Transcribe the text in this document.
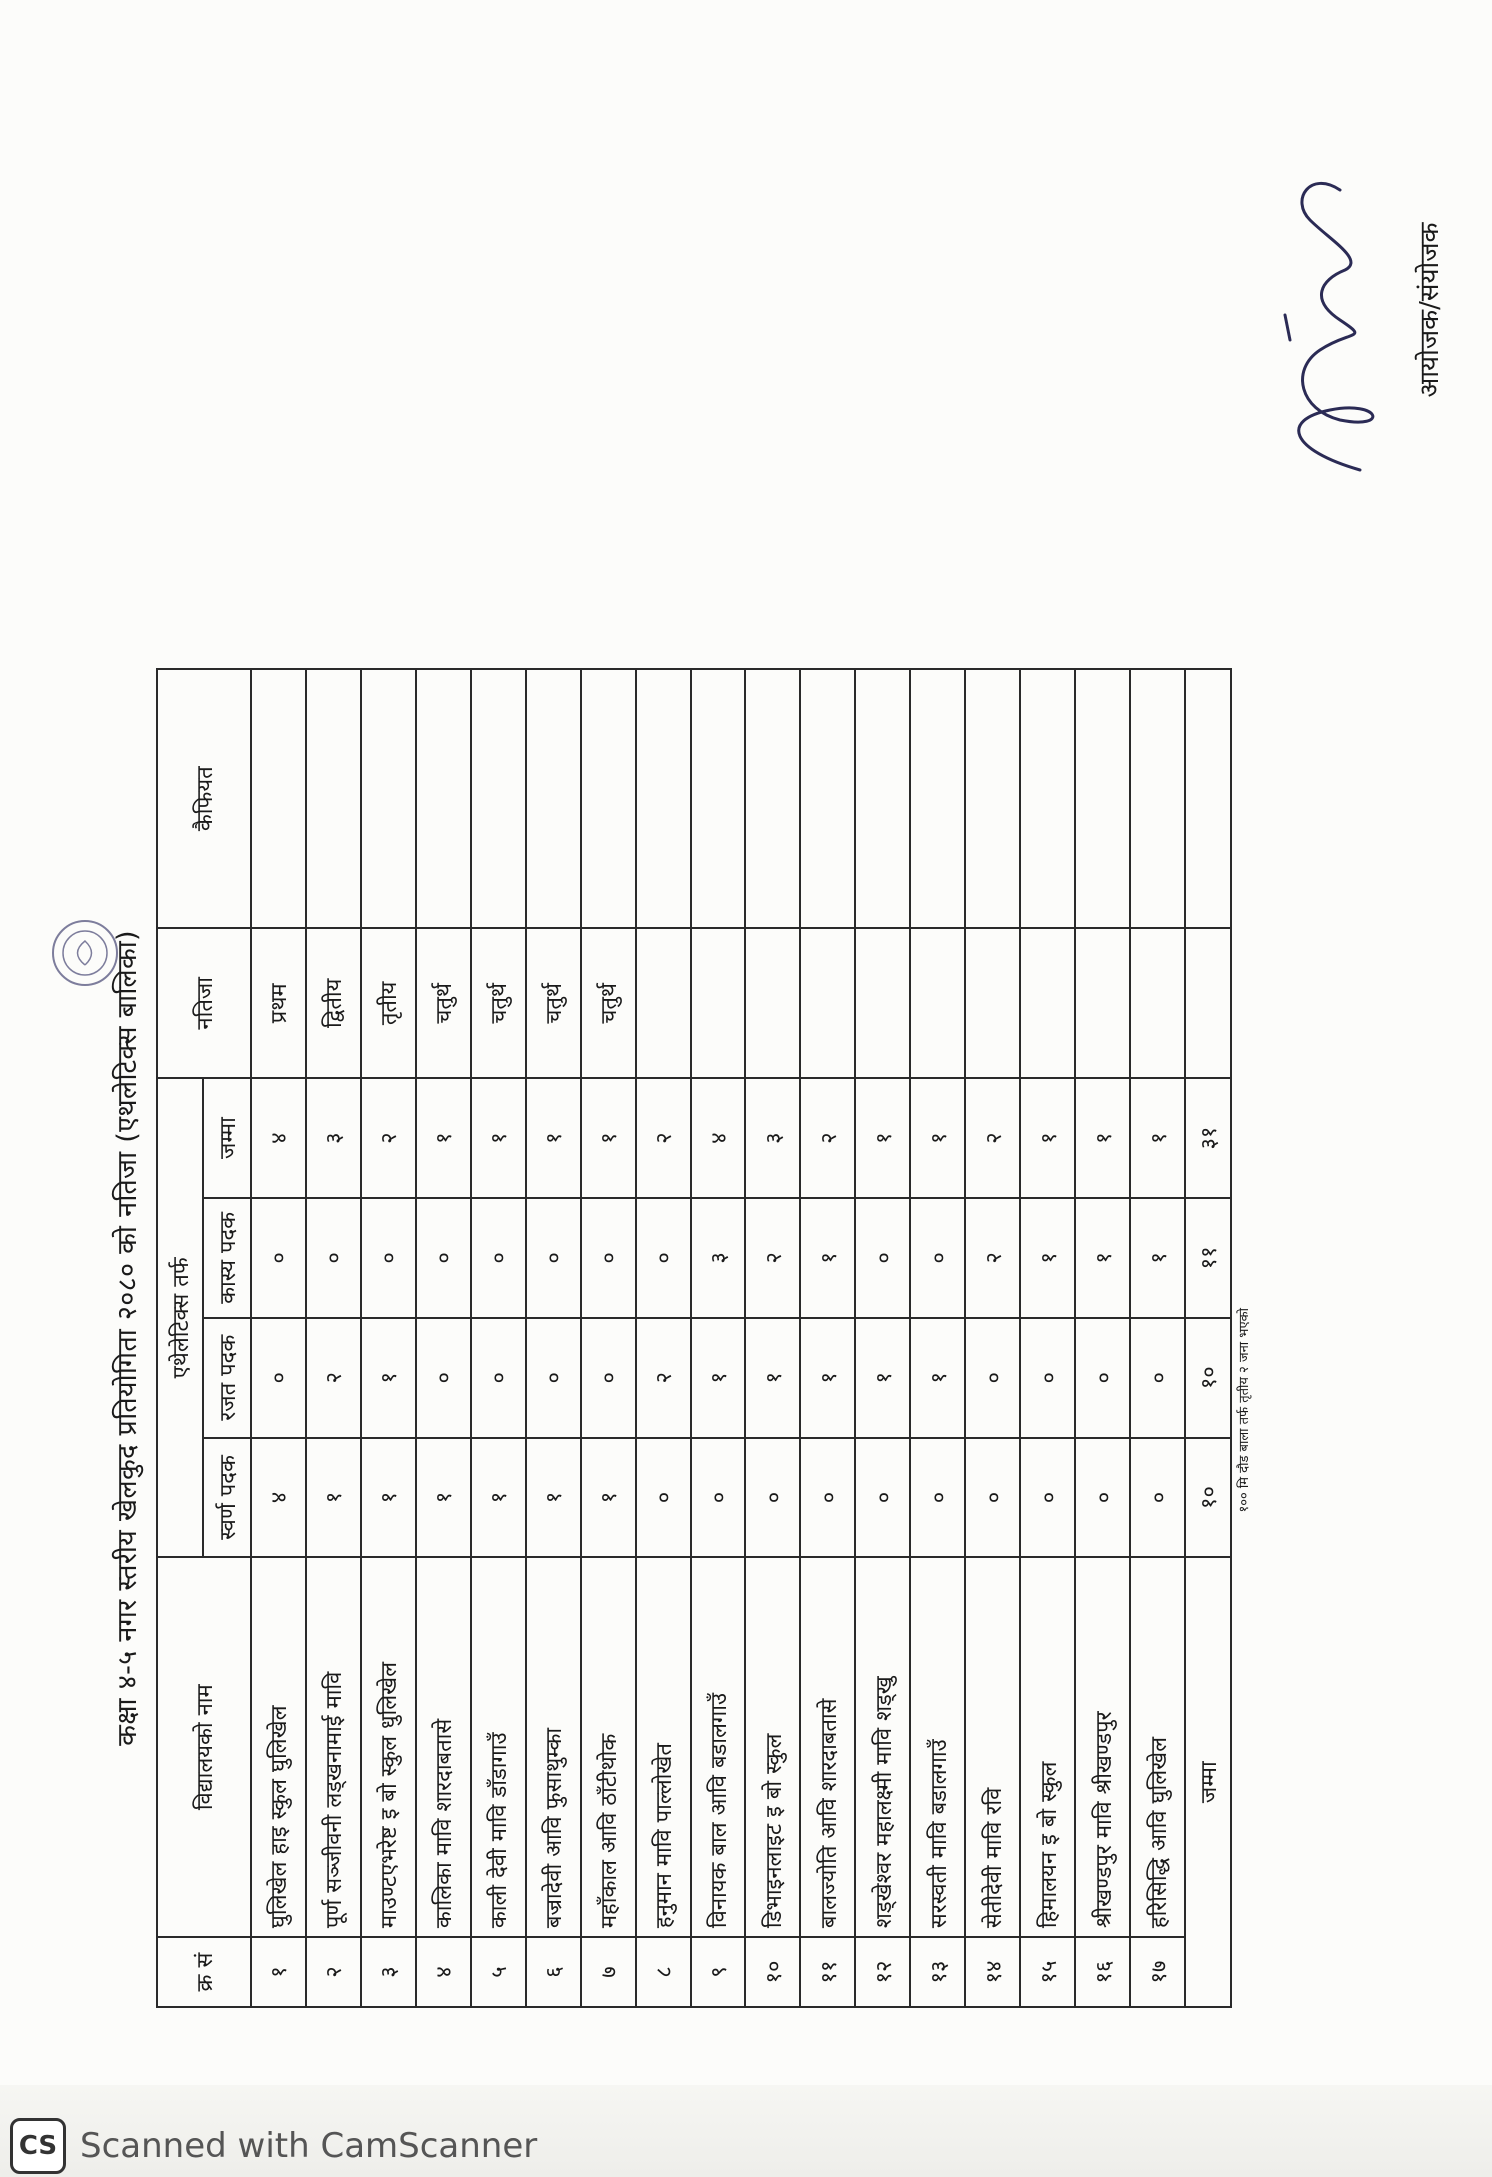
कक्षा ४-५ नगर स्तरीय खेलकुद प्रतियोगिता २०८० को नतिजा (एथलेटिक्स बालिका)
क्र सं	विद्यालयको नाम	एथेलेटिक्स तर्फ				नतिजा	कैफियत
		स्वर्ण पदक	रजत पदक	कास्य पदक	जम्मा		
१	घुलिखेल हाइ स्कुल घुलिखेल	४	०	०	४	प्रथम	
२	पूर्ण सञ्जीवनी लड्खनामाई मावि	१	२	०	३	द्वितीय	
३	माउण्टएभरेष्ट इ बो स्कुल धुलिखेल	१	१	०	२	तृतीय	
४	कालिका मावि शारदाबतासे	१	०	०	१	चतुर्थ	
५	काली देवी मावि डाँडागाउँ	१	०	०	१	चतुर्थ	
६	बज्रादेवी आवि फुसाथुम्का	१	०	०	१	चतुर्थ	
७	महाँकाल आवि ठाँटीथोक	१	०	०	१	चतुर्थ	
८	हनुमान मावि पाल्लोखेत	०	२	०	२		
९	विनायक बाल आवि बडालगाउँ	०	१	३	४		
१०	डिभाइनलाइट इ बो स्कुल	०	१	२	३		
११	बालज्योति आवि शारदाबतासे	०	१	१	२		
१२	शड्खेश्वर महालक्ष्मी मावि शड्खु	०	१	०	१		
१३	सरस्वती मावि बडालगाउँ	०	१	०	१		
१४	सेतीदेवी मावि रवि	०	०	२	२		
१५	हिमालयन इ बो स्कुल	०	०	१	१		
१६	श्रीखण्डपुर मावि श्रीखण्डपुर	०	०	१	१		
१७	हरिसिद्धि आवि घुलिखेल	०	०	१	१		
जम्मा		१०	१०	११	३१		
१०० मि दौड बाला तर्फ तृतीय २ जना भएको
आयोजक/संयोजक
CS Scanned with CamScanner
